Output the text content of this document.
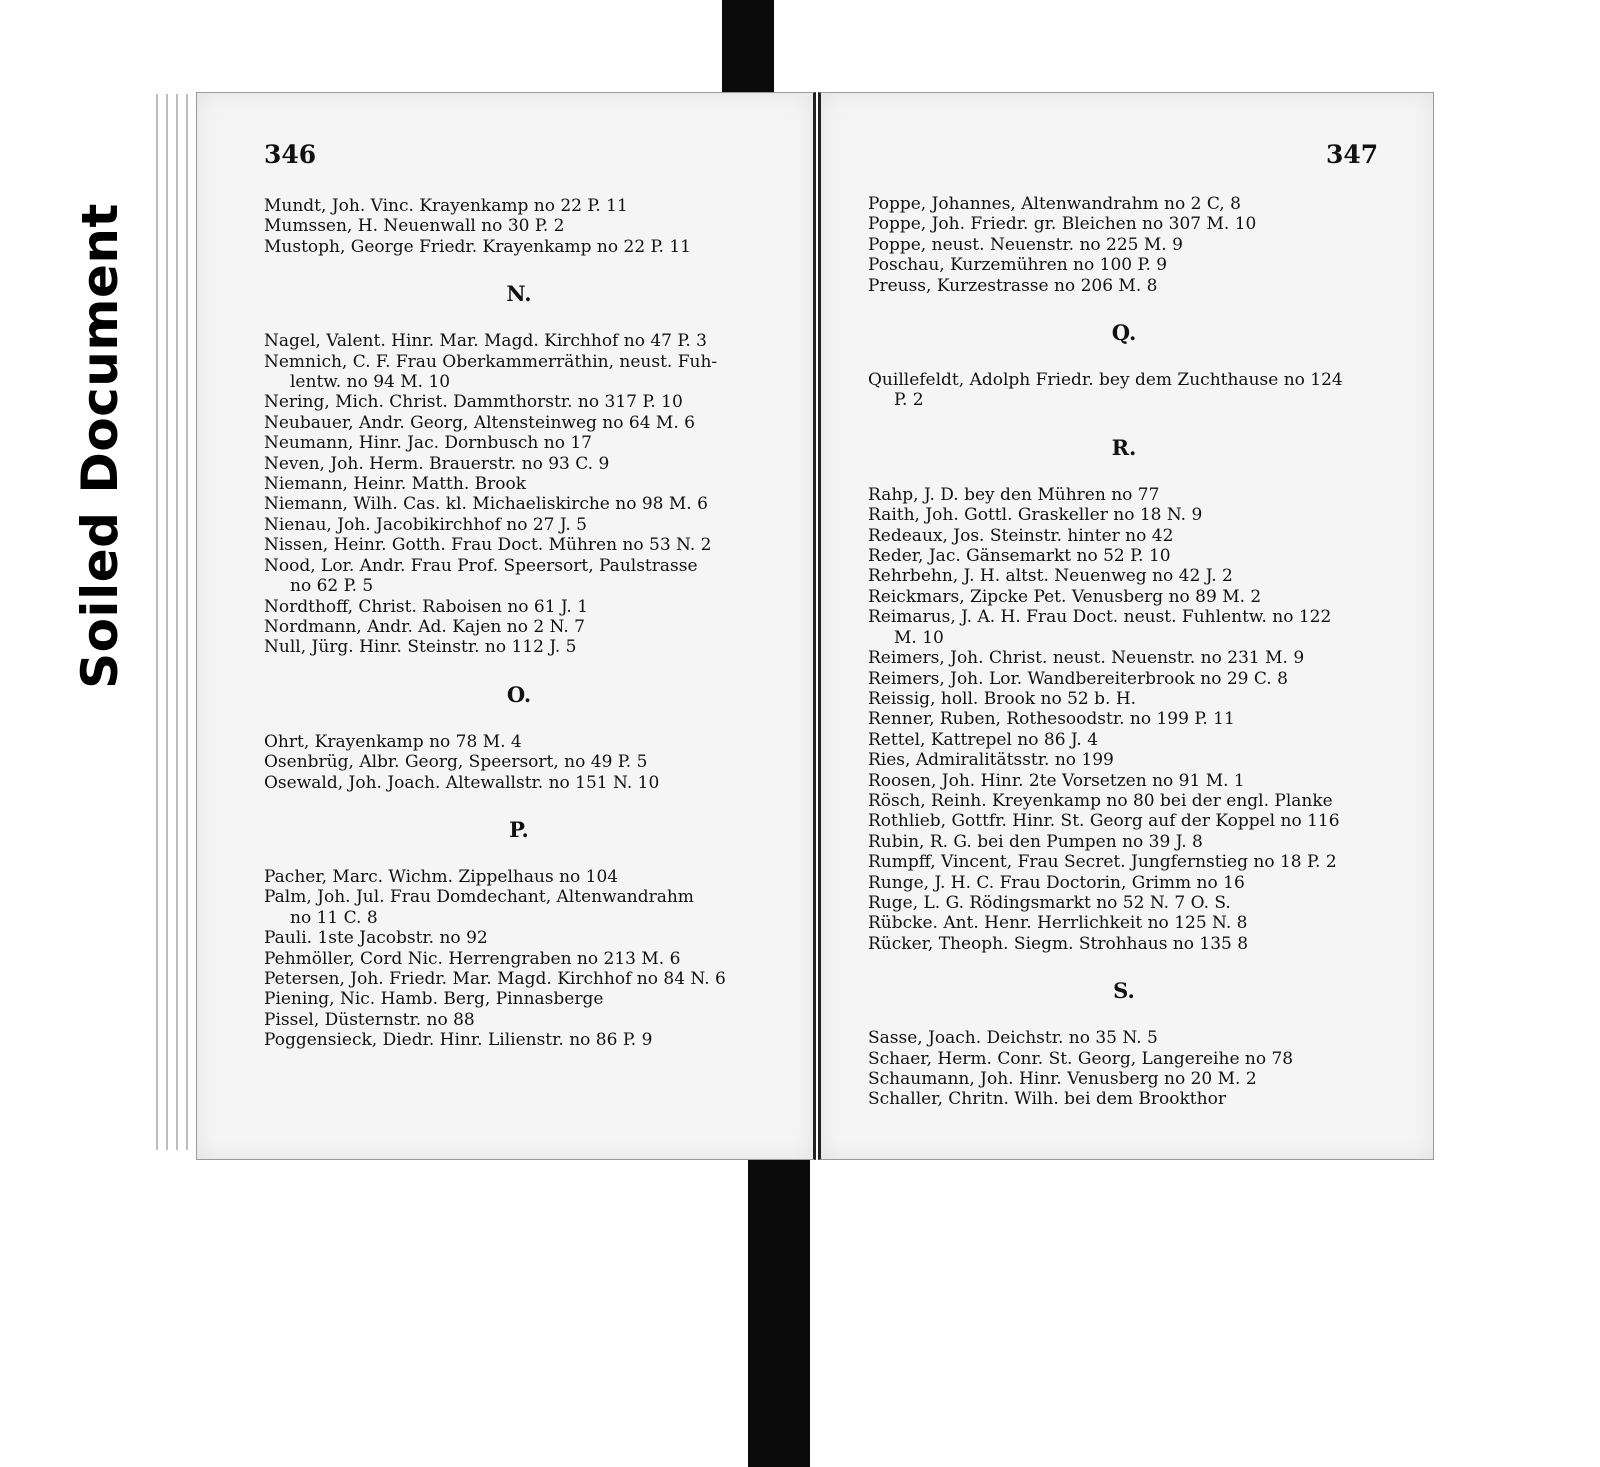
Soiled Document
346	347
Mundt, Joh. Vinc. Krayenkamp no 22 P. 11
Mumssen, H. Neuenwall no 30 P. 2
Mustoph, George Friedr. Krayenkamp no 22 P. 11
N.
Nagel, Valent. Hinr. Mar. Magd. Kirchhof no 47 P. 3
Nemnich, C. F. Frau Oberkammerräthin, neust. Fuh-
lentw. no 94 M. 10
Nering, Mich. Christ. Dammthorstr. no 317 P. 10
Neubauer, Andr. Georg, Altensteinweg no 64 M. 6
Neumann, Hinr. Jac. Dornbusch no 17
Neven, Joh. Herm. Brauerstr. no 93 C. 9
Niemann, Heinr. Matth. Brook
Niemann, Wilh. Cas. kl. Michaeliskirche no 98 M. 6
Nienau, Joh. Jacobikirchhof no 27 J. 5
Nissen, Heinr. Gotth. Frau Doct. Mühren no 53 N. 2
Nood, Lor. Andr. Frau Prof. Speersort, Paulstrasse
no 62 P. 5
Nordthoff, Christ. Raboisen no 61 J. 1
Nordmann, Andr. Ad. Kajen no 2 N. 7
Null, Jürg. Hinr. Steinstr. no 112 J. 5
O.
Ohrt, Krayenkamp no 78 M. 4
Osenbrüg, Albr. Georg, Speersort, no 49 P. 5
Osewald, Joh. Joach. Altewallstr. no 151 N. 10
P.
Pacher, Marc. Wichm. Zippelhaus no 104
Palm, Joh. Jul. Frau Domdechant, Altenwandrahm
no 11 C. 8
Pauli. 1ste Jacobstr. no 92
Pehmöller, Cord Nic. Herrengraben no 213 M. 6
Petersen, Joh. Friedr. Mar. Magd. Kirchhof no 84 N. 6
Piening, Nic. Hamb. Berg, Pinnasberge
Pissel, Düsternstr. no 88
Poggensieck, Diedr. Hinr. Lilienstr. no 86 P. 9
Poppe, Johannes, Altenwandrahm no 2 C, 8
Poppe, Joh. Friedr. gr. Bleichen no 307 M. 10
Poppe, neust. Neuenstr. no 225 M. 9
Poschau, Kurzemühren no 100 P. 9
Preuss, Kurzestrasse no 206 M. 8
Q.
Quillefeldt, Adolph Friedr. bey dem Zuchthause no 124
P. 2
R.
Rahp, J. D. bey den Mühren no 77
Raith, Joh. Gottl. Graskeller no 18 N. 9
Redeaux, Jos. Steinstr. hinter no 42
Reder, Jac. Gänsemarkt no 52 P. 10
Rehrbehn, J. H. altst. Neuenweg no 42 J. 2
Reickmars, Zipcke Pet. Venusberg no 89 M. 2
Reimarus, J. A. H. Frau Doct. neust. Fuhlentw. no 122
M. 10
Reimers, Joh. Christ. neust. Neuenstr. no 231 M. 9
Reimers, Joh. Lor. Wandbereiterbrook no 29 C. 8
Reissig, holl. Brook no 52 b. H.
Renner, Ruben, Rothesoodstr. no 199 P. 11
Rettel, Kattrepel no 86 J. 4
Ries, Admiralitätsstr. no 199
Roosen, Joh. Hinr. 2te Vorsetzen no 91 M. 1
Rösch, Reinh. Kreyenkamp no 80 bei der engl. Planke
Rothlieb, Gottfr. Hinr. St. Georg auf der Koppel no 116
Rubin, R. G. bei den Pumpen no 39 J. 8
Rumpff, Vincent, Frau Secret. Jungfernstieg no 18 P. 2
Runge, J. H. C. Frau Doctorin, Grimm no 16
Ruge, L. G. Rödingsmarkt no 52 N. 7 O. S.
Rübcke. Ant. Henr. Herrlichkeit no 125 N. 8
Rücker, Theoph. Siegm. Strohhaus no 135 8
S.
Sasse, Joach. Deichstr. no 35 N. 5
Schaer, Herm. Conr. St. Georg, Langereihe no 78
Schaumann, Joh. Hinr. Venusberg no 20 M. 2
Schaller, Chritn. Wilh. bei dem Brookthor
